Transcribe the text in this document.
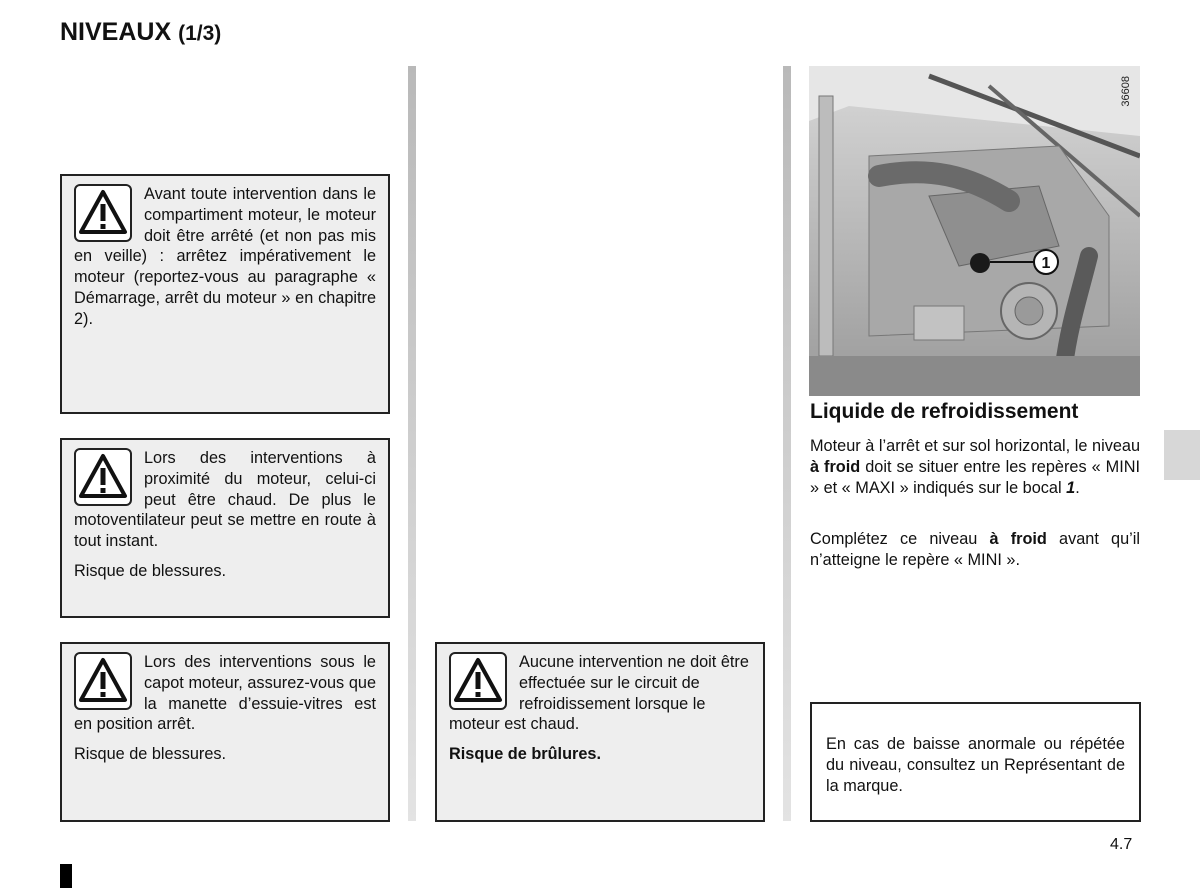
NIVEAUX (1/3)

Avant toute intervention dans le compartiment moteur, le moteur doit être arrêté (et non pas mis en veille) : arrêtez impérativement le moteur (reportez-vous au paragraphe « Démarrage, arrêt du moteur » en chapitre 2).

Lors des interventions à proximité du moteur, celui-ci peut être chaud. De plus le motoventilateur peut se mettre en route à tout instant.

Risque de blessures.

Lors des interventions sous le capot moteur, assurez-vous que la manette d’essuie-vitres est en position arrêt.

Risque de blessures.

Aucune intervention ne doit être effectuée sur le circuit de refroidissement lorsque le moteur est chaud.

Risque de brûlures.

1
36608
Liquide de refroidissement

Moteur à l’arrêt et sur sol horizontal, le niveau à froid doit se situer entre les repères « MINI » et « MAXI » indiqués sur le bocal 1.

Complétez ce niveau à froid avant qu’il n’atteigne le repère « MINI ».

En cas de baisse anormale ou répétée du niveau, consultez un Représentant de la marque.
4.7
